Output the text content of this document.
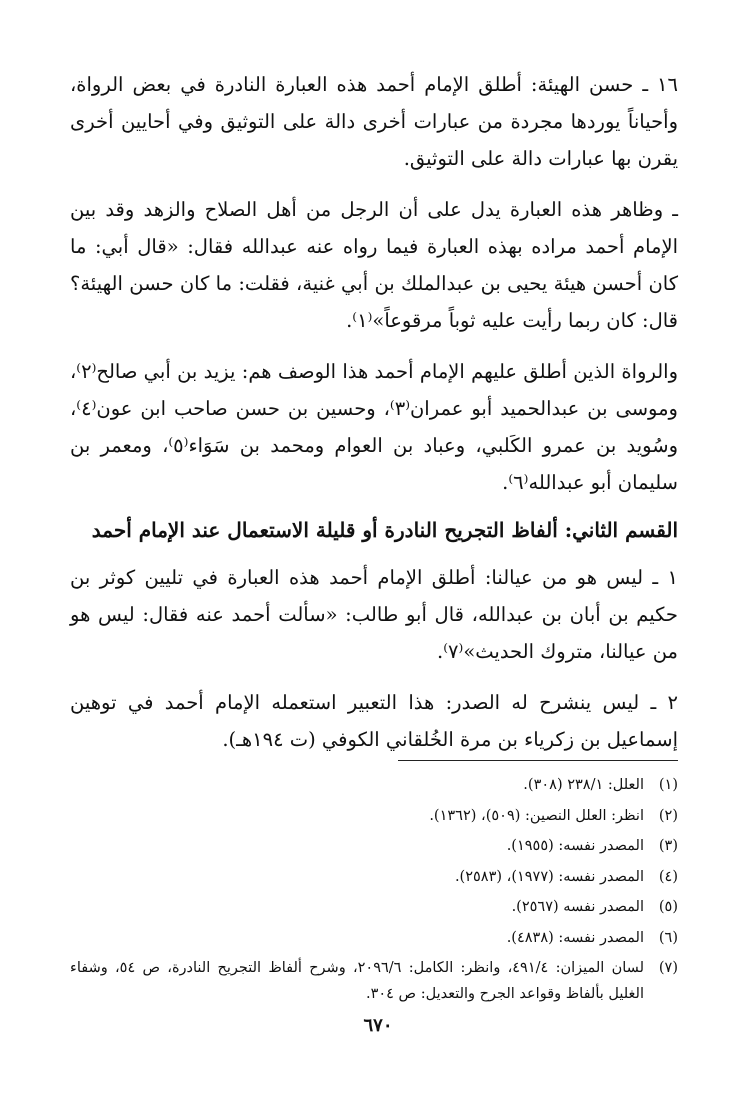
١٦ ـ حسن الهيئة: أطلق الإمام أحمد هذه العبارة النادرة في بعض الرواة، وأحياناً يوردها مجردة من عبارات أخرى دالة على التوثيق وفي أحايين أخرى يقرن بها عبارات دالة على التوثيق.

ـ وظاهر هذه العبارة يدل على أن الرجل من أهل الصلاح والزهد وقد بين الإمام أحمد مراده بهذه العبارة فيما رواه عنه عبدالله فقال: «قال أبي: ما كان أحسن هيئة يحيى بن عبدالملك بن أبي غنية، فقلت: ما كان حسن الهيئة؟ قال: كان ربما رأيت عليه ثوباً مرقوعاً»⁽١⁾.

والرواة الذين أطلق عليهم الإمام أحمد هذا الوصف هم: يزيد بن أبي صالح⁽٢⁾، وموسى بن عبدالحميد أبو عمران⁽٣⁾، وحسين بن حسن صاحب ابن عون⁽٤⁾، وسُويد بن عمرو الكَلبي، وعباد بن العوام ومحمد بن سَوَاء⁽٥⁾، ومعمر بن سليمان أبو عبدالله⁽٦⁾.

القسم الثاني: ألفاظ التجريح النادرة أو قليلة الاستعمال عند الإمام أحمد

١ ـ ليس هو من عيالنا: أطلق الإمام أحمد هذه العبارة في تليين كوثر بن حكيم بن أبان بن عبدالله، قال أبو طالب: «سألت أحمد عنه فقال: ليس هو من عيالنا، متروك الحديث»⁽٧⁾.

٢ ـ ليس ينشرح له الصدر: هذا التعبير استعمله الإمام أحمد في توهين إسماعيل بن زكرياء بن مرة الخُلقاني الكوفي (ت ١٩٤هـ).

(١)
العلل: ٢٣٨/١ (٣٠٨).
(٢)
انظر: العلل النصين: (٥٠٩)، (١٣٦٢).
(٣)
المصدر نفسه: (١٩٥٥).
(٤)
المصدر نفسه: (١٩٧٧)، (٢٥٨٣).
(٥)
المصدر نفسه (٢٥٦٧).
(٦)
المصدر نفسه: (٤٨٣٨).
(٧)
لسان الميزان: ٤٩١/٤، وانظر: الكامل: ٢٠٩٦/٦، وشرح ألفاظ التجريح النادرة، ص ٥٤، وشفاء الغليل بألفاظ وقواعد الجرح والتعديل: ص ٣٠٤.
٦٧٠
